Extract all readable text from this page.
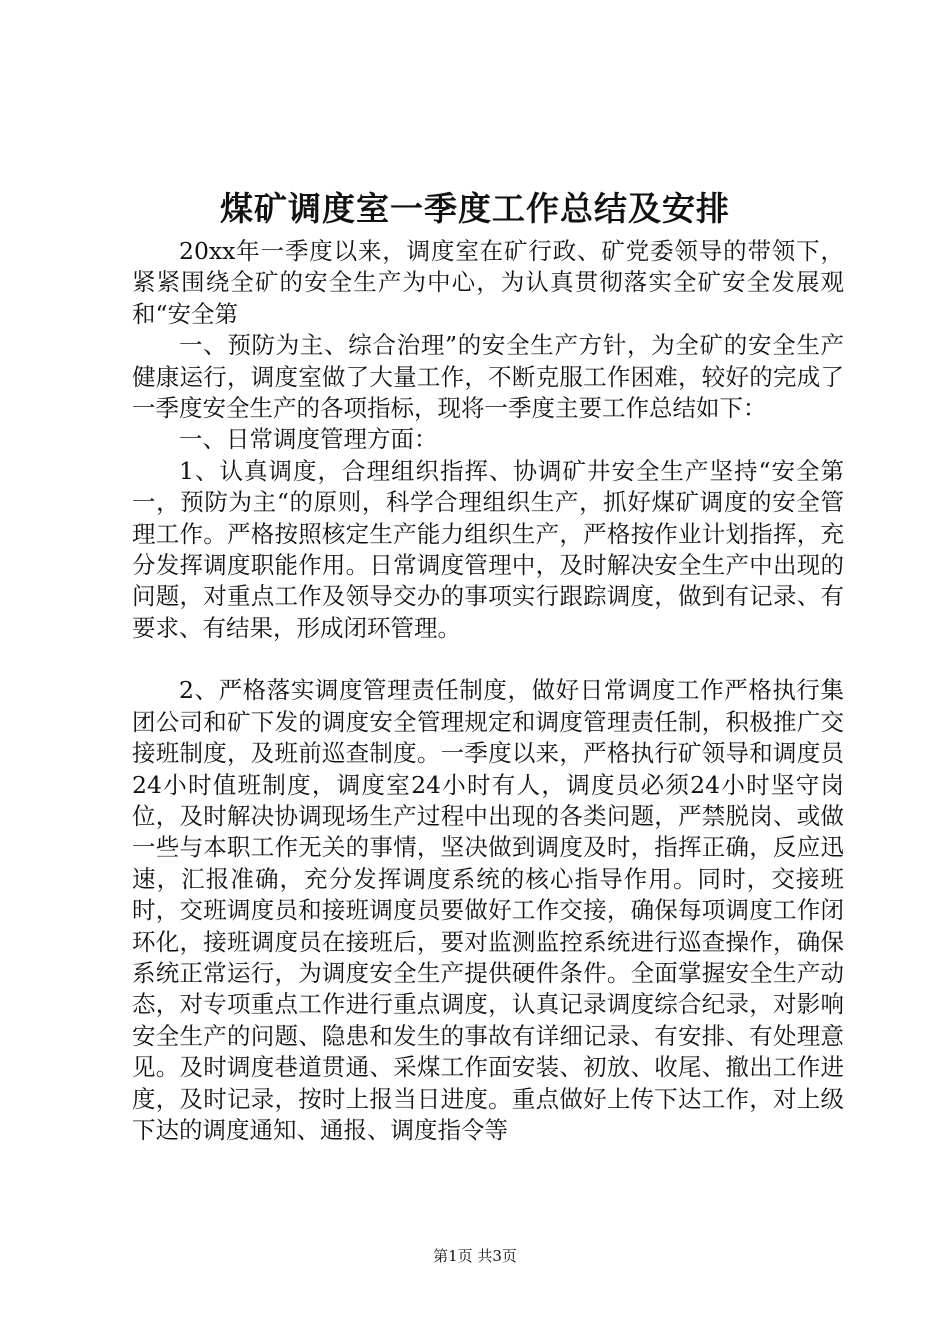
煤矿调度室一季度工作总结及安排

20xx年一季度以来，调度室在矿行政、矿党委领导的带领下，紧紧围绕全矿的安全生产为中心，为认真贯彻落实全矿安全发展观和“安全第

一、预防为主、综合治理”的安全生产方针，为全矿的安全生产健康运行，调度室做了大量工作，不断克服工作困难，较好的完成了一季度安全生产的各项指标，现将一季度主要工作总结如下：

一、日常调度管理方面：

1、认真调度，合理组织指挥、协调矿井安全生产坚持“安全第一，预防为主“的原则，科学合理组织生产，抓好煤矿调度的安全管理工作。严格按照核定生产能力组织生产，严格按作业计划指挥，充分发挥调度职能作用。日常调度管理中，及时解决安全生产中出现的问题，对重点工作及领导交办的事项实行跟踪调度，做到有记录、有要求、有结果，形成闭环管理。

2、严格落实调度管理责任制度，做好日常调度工作严格执行集团公司和矿下发的调度安全管理规定和调度管理责任制，积极推广交接班制度，及班前巡查制度。一季度以来，严格执行矿领导和调度员24小时值班制度，调度室24小时有人，调度员必须24小时坚守岗位，及时解决协调现场生产过程中出现的各类问题，严禁脱岗、或做一些与本职工作无关的事情，坚决做到调度及时，指挥正确，反应迅速，汇报准确，充分发挥调度系统的核心指导作用。同时，交接班时，交班调度员和接班调度员要做好工作交接，确保每项调度工作闭环化，接班调度员在接班后，要对监测监控系统进行巡查操作，确保系统正常运行，为调度安全生产提供硬件条件。全面掌握安全生产动态，对专项重点工作进行重点调度，认真记录调度综合纪录，对影响安全生产的问题、隐患和发生的事故有详细记录、有安排、有处理意见。及时调度巷道贯通、采煤工作面安装、初放、收尾、撤出工作进度，及时记录，按时上报当日进度。重点做好上传下达工作，对上级下达的调度通知、通报、调度指令等

第1页 共3页
